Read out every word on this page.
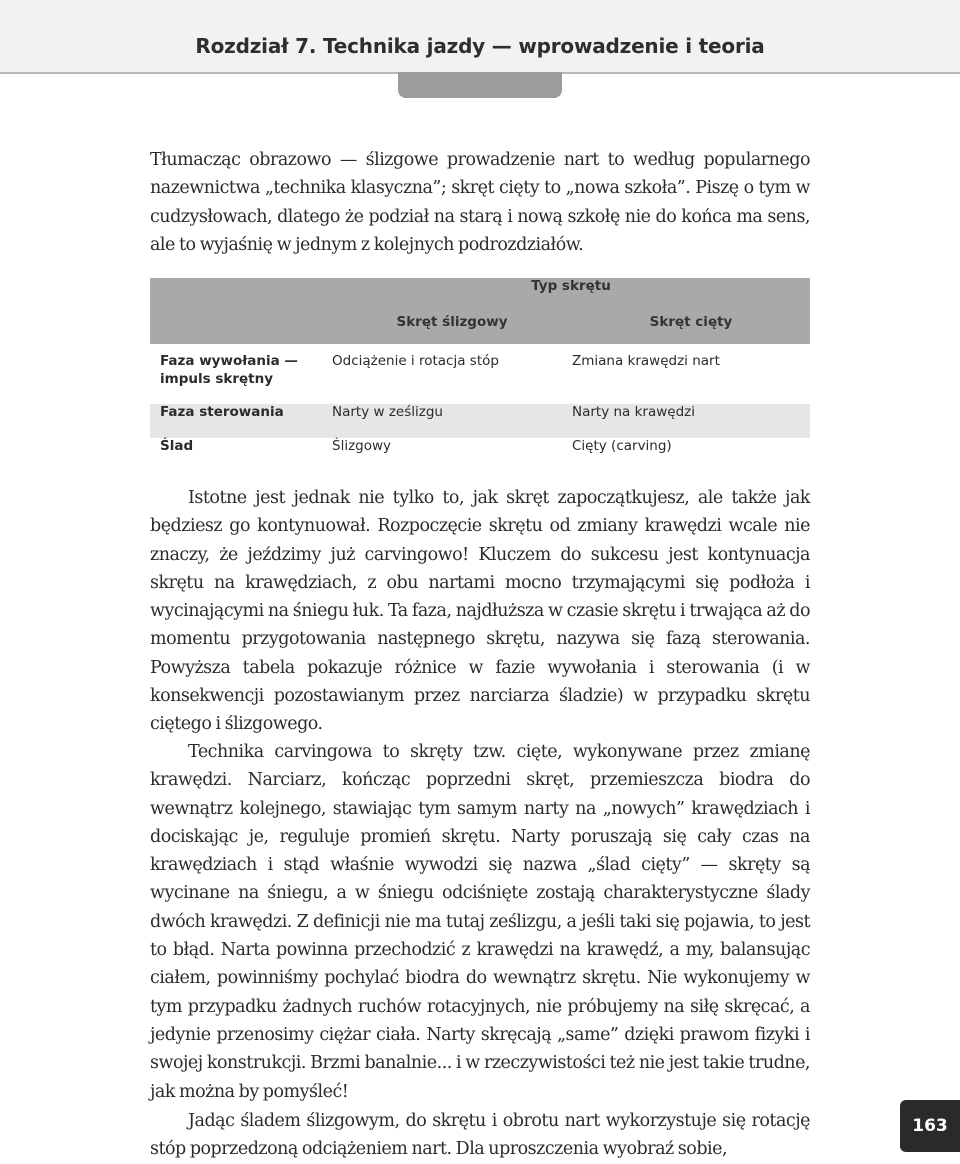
Rozdział 7. Technika jazdy — wprowadzenie i teoria

Tłumacząc obrazowo — ślizgowe prowadzenie nart to według popularnego nazewnictwa „technika klasyczna”; skręt cięty to „nowa szkoła”. Piszę o tym w cudzysłowach, dlatego że podział na starą i nową szkołę nie do końca ma sens, ale to wyjaśnię w jednym z kolejnych podrozdziałów.

	Typ skrętu	
	Skręt ślizgowy	Skręt cięty
Faza wywołania — impuls skrętny	Odciążenie i rotacja stóp	Zmiana krawędzi nart
Faza sterowania	Narty w ześlizgu	Narty na krawędzi
Ślad	Ślizgowy	Cięty (carving)

Istotne jest jednak nie tylko to, jak skręt zapoczątkujesz, ale także jak będziesz go kontynuował. Rozpoczęcie skrętu od zmiany krawędzi wcale nie znaczy, że jeździmy już carvingowo! Kluczem do sukcesu jest kontynuacja skrętu na krawędziach, z obu nartami mocno trzymającymi się podłoża i wycinającymi na śniegu łuk. Ta faza, najdłuższa w czasie skrętu i trwająca aż do momentu przygotowania następnego skrętu, nazywa się fazą sterowania. Powyższa tabela pokazuje różnice w fazie wywołania i sterowania (i w konsekwencji pozostawianym przez narciarza śladzie) w przypadku skrętu ciętego i ślizgowego.

Technika carvingowa to skręty tzw. cięte, wykonywane przez zmianę krawędzi. Narciarz, kończąc poprzedni skręt, przemieszcza biodra do wewnątrz kolejnego, stawiając tym samym narty na „nowych” krawędziach i dociskając je, reguluje promień skrętu. Narty poruszają się cały czas na krawędziach i stąd właśnie wywodzi się nazwa „ślad cięty” — skręty są wycinane na śniegu, a w śniegu odciśnięte zostają charakterystyczne ślady dwóch krawędzi. Z definicji nie ma tutaj ześlizgu, a jeśli taki się pojawia, to jest to błąd. Narta powinna przechodzić z krawędzi na krawędź, a my, balansując ciałem, powinniśmy pochylać biodra do wewnątrz skrętu. Nie wykonujemy w tym przypadku żadnych ruchów rotacyjnych, nie próbujemy na siłę skręcać, a jedynie przenosimy ciężar ciała. Narty skręcają „same” dzięki prawom fizyki i swojej konstrukcji. Brzmi banalnie... i w rzeczywistości też nie jest takie trudne, jak można by pomyśleć!

Jadąc śladem ślizgowym, do skrętu i obrotu nart wykorzystuje się rotację stóp poprzedzoną odciążeniem nart. Dla uproszczenia wyobraź sobie,

163
